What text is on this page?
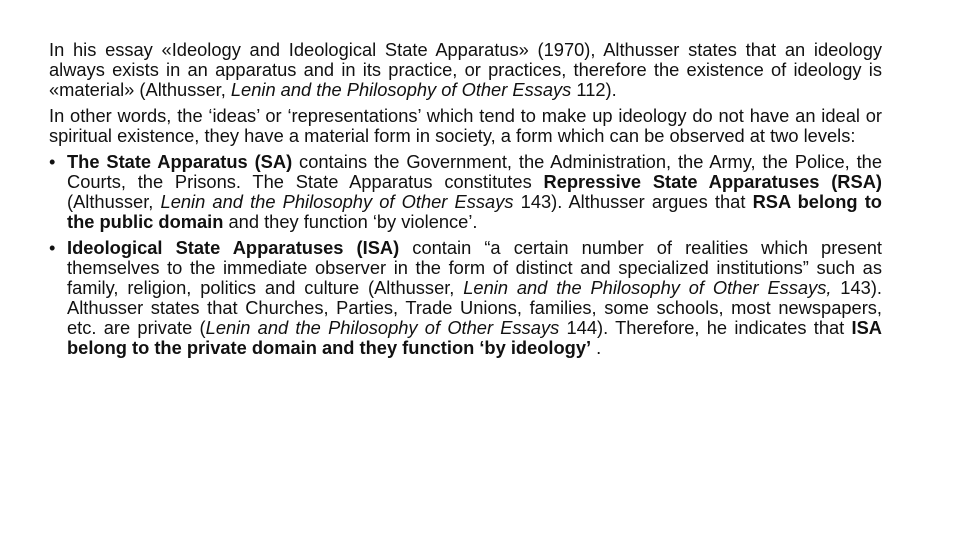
In his essay «Ideology and Ideological State Apparatus» (1970), Althusser states that an ideology always exists in an apparatus and in its practice, or practices, therefore the existence of ideology is «material» (Althusser, Lenin and the Philosophy of Other Essays 112).

In other words, the ‘ideas’ or ‘representations’ which tend to make up ideology do not have an ideal or spiritual existence, they have a material form in society, a form which can be observed at two levels:

• The State Apparatus (SA) contains the Government, the Administration, the Army, the Police, the Courts, the Prisons. The State Apparatus constitutes Repressive State Apparatuses (RSA) (Althusser, Lenin and the Philosophy of Other Essays 143). Althusser argues that RSA belong to the public domain and they function ‘by violence’.
• Ideological State Apparatuses (ISA) contain “a certain number of realities which present themselves to the immediate observer in the form of distinct and specialized institutions” such as family, religion, politics and culture (Althusser, Lenin and the Philosophy of Other Essays, 143). Althusser states that Churches, Parties, Trade Unions, families, some schools, most newspapers, etc. are private (Lenin and the Philosophy of Other Essays 144). Therefore, he indicates that ISA belong to the private domain and they function ‘by ideology’ .
